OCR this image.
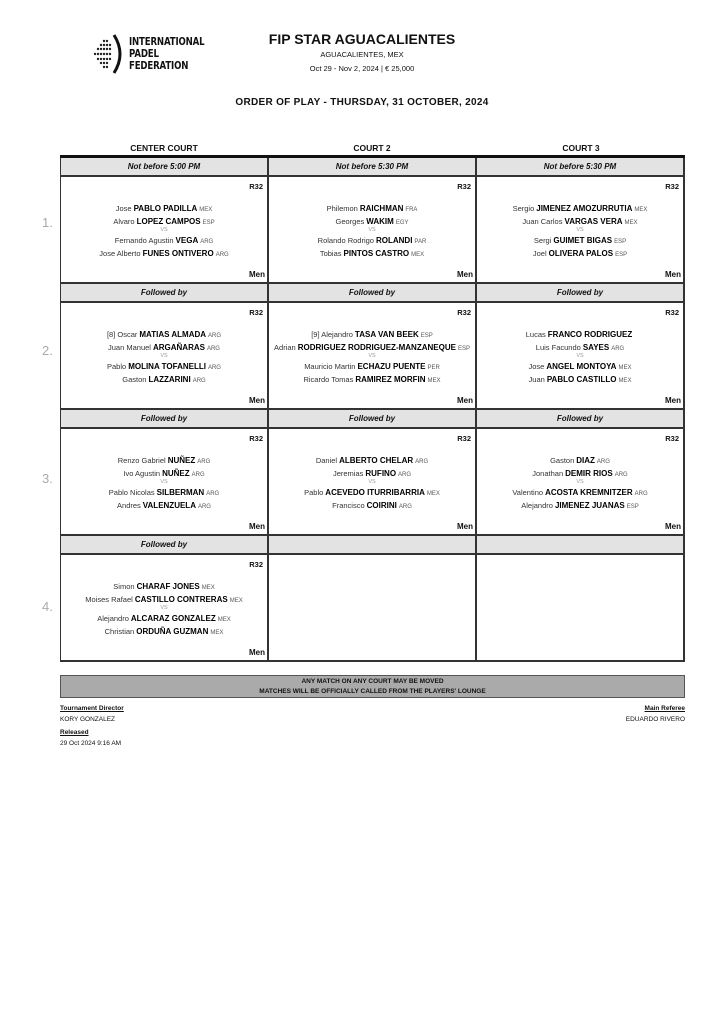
INTERNATIONAL
PADEL
FEDERATION
FIP STAR AGUACALIENTES
AGUACALIENTES, MEX
Oct 29 - Nov 2, 2024 | € 25,000
ORDER OF PLAY - THURSDAY, 31 OCTOBER, 2024
CENTER COURT	COURT 2	COURT 3
Not before 5:00 PM
R32
Jose PABLO PADILLA MEX
Alvaro LOPEZ CAMPOS ESP
Fernando Agustin VEGA ARG
Jose Alberto FUNES ONTIVERO ARG
VS
Men
Not before 5:30 PM
R32
Philemon RAICHMAN FRA
Georges WAKIM EGY
Rolando Rodrigo ROLANDI PAR
Tobias PINTOS CASTRO MEX
VS
Men
Not before 5:30 PM
R32
Sergio JIMENEZ AMOZURRUTIA MEX
Juan Carlos VARGAS VERA MEX
Sergi GUIMET BIGAS ESP
Joel OLIVERA PALOS ESP
VS
Men
Followed by
R32
[8] Oscar MATIAS ALMADA ARG
Juan Manuel ARGAÑARAS ARG
Pablo MOLINA TOFANELLI ARG
Gaston LAZZARINI ARG
VS
Men
Followed by
R32
[9] Alejandro TASA VAN BEEK ESP
Adrian RODRIGUEZ RODRIGUEZ-MANZANEQUE ESP
Mauricio Martin ECHAZU PUENTE PER
Ricardo Tomas RAMIREZ MORFIN MEX
VS
Men
Followed by
R32
Lucas FRANCO RODRIGUEZ
Luis Facundo SAYES ARG
Jose ANGEL MONTOYA MEX
Juan PABLO CASTILLO MEX
VS
Men
Followed by
R32
Renzo Gabriel NUÑEZ ARG
Ivo Agustin NUÑEZ ARG
Pablo Nicolas SILBERMAN ARG
Andres VALENZUELA ARG
VS
Men
Followed by
R32
Daniel ALBERTO CHELAR ARG
Jeremias RUFINO ARG
Pablo ACEVEDO ITURRIBARRIA MEX
Francisco COIRINI ARG
VS
Men
Followed by
R32
Gaston DIAZ ARG
Jonathan DEMIR RIOS ARG
Valentino ACOSTA KREMNITZER ARG
Alejandro JIMENEZ JUANAS ESP
VS
Men
Followed by
R32
Simon CHARAF JONES MEX
Moises Rafael CASTILLO CONTRERAS MEX
Alejandro ALCARAZ GONZALEZ MEX
Christian ORDUÑA GUZMAN MEX
VS
Men
ANY MATCH ON ANY COURT MAY BE MOVED
MATCHES WILL BE OFFICIALLY CALLED FROM THE PLAYERS' LOUNGE
Tournament Director
KORY GONZALEZ
Released
29 Oct 2024 9:16 AM
Main Referee
EDUARDO RIVERO
1.
2.
3.
4.
